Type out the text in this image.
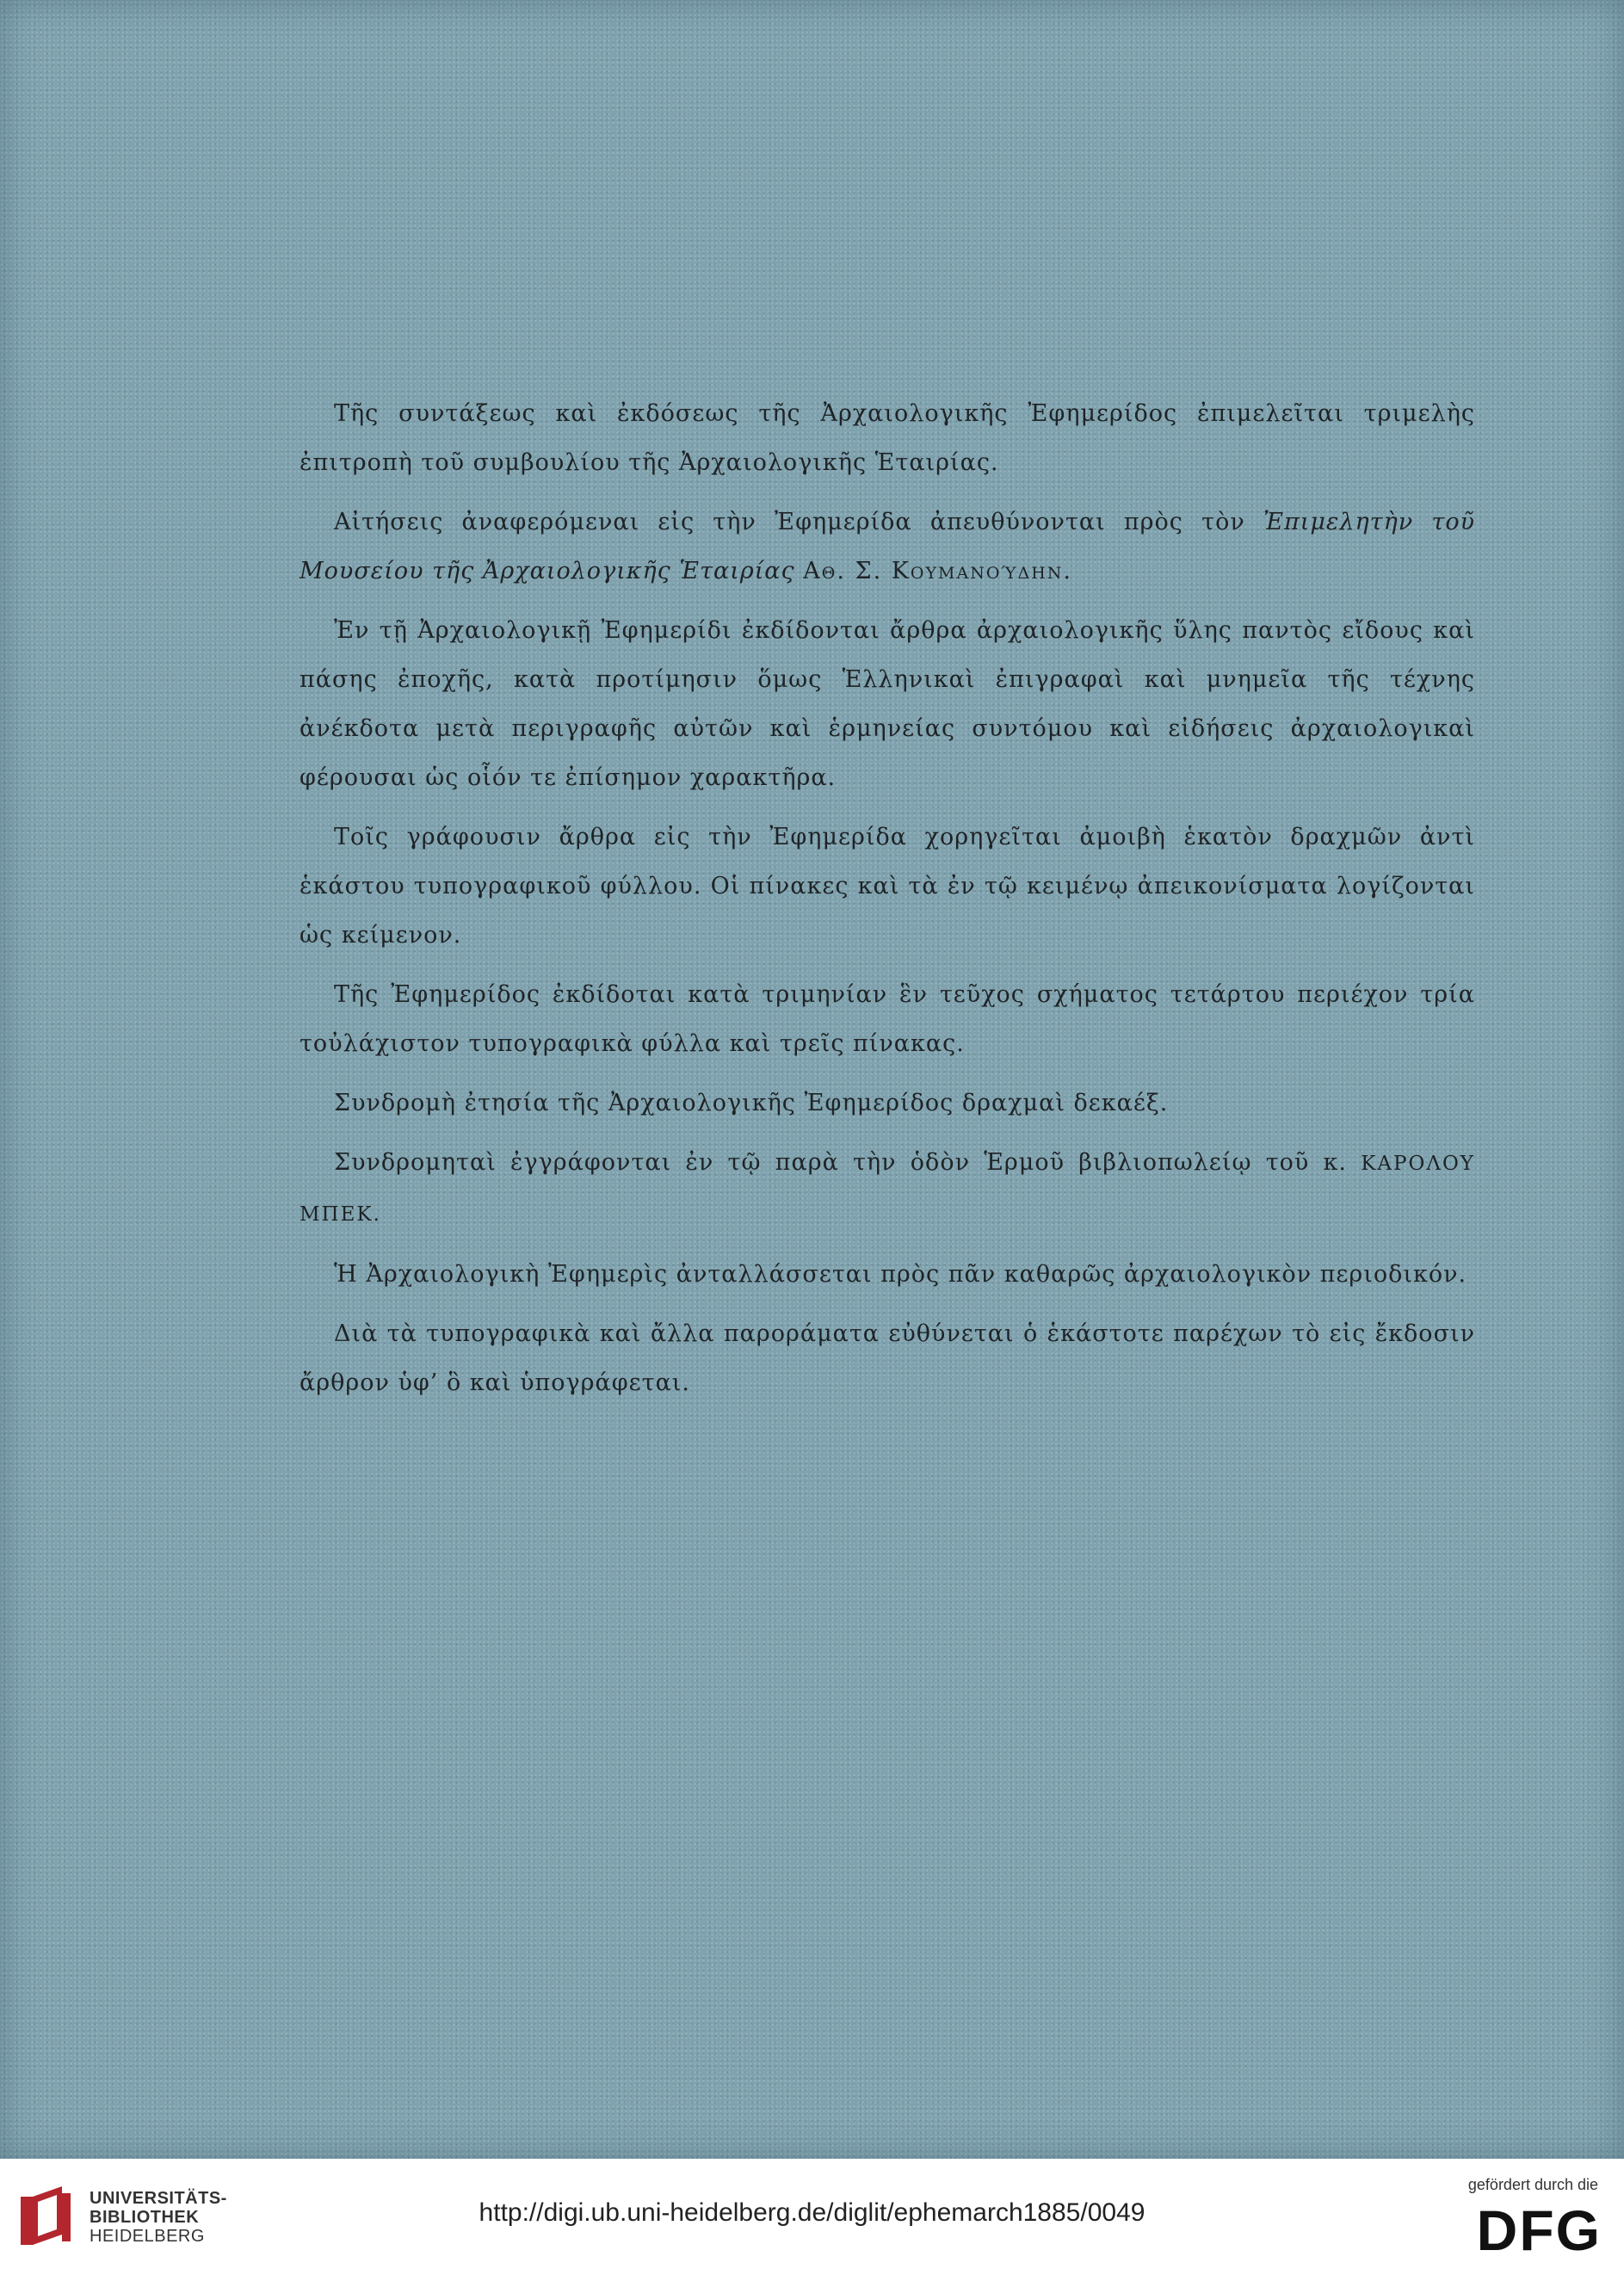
Τῆς συντάξεως καὶ ἐκδόσεως τῆς Ἀρχαιολογικῆς Ἐφημερίδος ἐπιμελεῖται τριμελὴς ἐπιτροπὴ τοῦ συμβουλίου τῆς Ἀρχαιολογικῆς Ἑταιρίας.

Αἰτήσεις ἀναφερόμεναι εἰς τὴν Ἐφημερίδα ἀπευθύνονται πρὸς τὸν Ἐπιμελητὴν τοῦ Μουσείου τῆς Ἀρχαιολογικῆς Ἑταιρίας Αθ. Σ. Κουμανούδην.

Ἐν τῇ Ἀρχαιολογικῇ Ἐφημερίδι ἐκδίδονται ἄρθρα ἀρχαιολογικῆς ὕλης παντὸς εἴδους καὶ πάσης ἐποχῆς, κατὰ προτίμησιν ὅμως Ἑλληνικαὶ ἐπιγραφαὶ καὶ μνημεῖα τῆς τέχνης ἀνέκδοτα μετὰ περιγραφῆς αὐτῶν καὶ ἑρμηνείας συντόμου καὶ εἰδήσεις ἀρχαιολογικαὶ φέρουσαι ὡς οἷόν τε ἐπίσημον χαρακτῆρα.

Τοῖς γράφουσιν ἄρθρα εἰς τὴν Ἐφημερίδα χορηγεῖται ἀμοιβὴ ἑκατὸν δραχμῶν ἀντὶ ἑκάστου τυπογραφικοῦ φύλλου. Οἱ πίνακες καὶ τὰ ἐν τῷ κειμένῳ ἀπεικονίσματα λογίζονται ὡς κείμενον.

Τῆς Ἐφημερίδος ἐκδίδοται κατὰ τριμηνίαν ἓν τεῦχος σχήματος τετάρτου περιέχον τρία τοὐλάχιστον τυπογραφικὰ φύλλα καὶ τρεῖς πίνακας.

Συνδρομὴ ἐτησία τῆς Ἀρχαιολογικῆς Ἐφημερίδος δραχμαὶ δεκαέξ.

Συνδρομηταὶ ἐγγράφονται ἐν τῷ παρὰ τὴν ὁδὸν Ἑρμοῦ βιβλιοπωλείῳ τοῦ κ. ΚΑΡΟΛΟΥ ΜΠΕΚ.

Ἡ Ἀρχαιολογικὴ Ἐφημερὶς ἀνταλλάσσεται πρὸς πᾶν καθαρῶς ἀρχαιολογικὸν περιοδικόν.

Διὰ τὰ τυπογραφικὰ καὶ ἄλλα παροράματα εὐθύνεται ὁ ἑκάστοτε παρέχων τὸ εἰς ἔκδοσιν ἄρθρον ὑφ’ ὃ καὶ ὑπογράφεται.

UNIVERSITÄTS-
BIBLIOTHEK
HEIDELBERG
http://digi.ub.uni-heidelberg.de/diglit/ephemarch1885/0049
gefördert durch die
DFG
